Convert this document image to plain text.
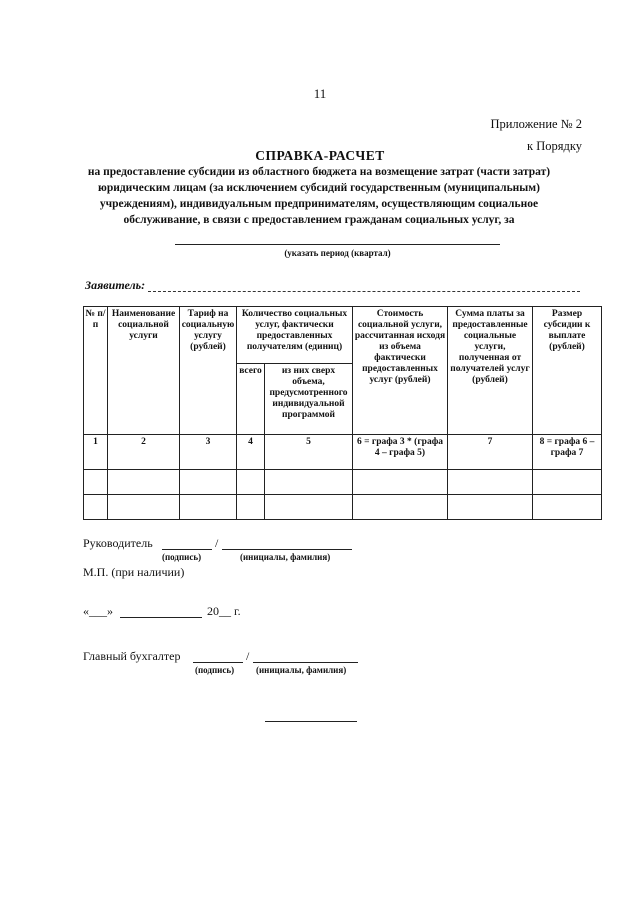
11
Приложение № 2
к Порядку
СПРАВКА-РАСЧЕТ
на предоставление субсидии из областного бюджета на возмещение затрат (части затрат) юридическим лицам (за исключением субсидий государственным (муниципальным) учреждениям), индивидуальным предпринимателям, осуществляющим социальное обслуживание, в связи с предоставлением гражданам социальных услуг, за
(указать период (квартал)
Заявитель:
№ п/п	Наименование социальной услуги	Тариф на социальную услугу (рублей)	Количество социальных услуг, фактически предоставленных получателям (единиц)		Стоимость социальной услуги, рассчитанная исходя из объема фактически предоставленных услуг (рублей)	Сумма платы за предоставленные социальные услуги, полученная от получателей услуг (рублей)	Размер субсидии к выплате (рублей)
			всего	из них сверх объема, предусмотренного индивидуальной программой			
1	2	3	4	5	6 = графа 3 * (графа 4 – графа 5)	7	8 = графа 6 – графа 7

Руководитель	/
(подпись)	(инициалы, фамилия)
М.П. (при наличии)
«___»	20__ г.
Главный бухгалтер	/
(подпись) (инициалы, фамилия)
